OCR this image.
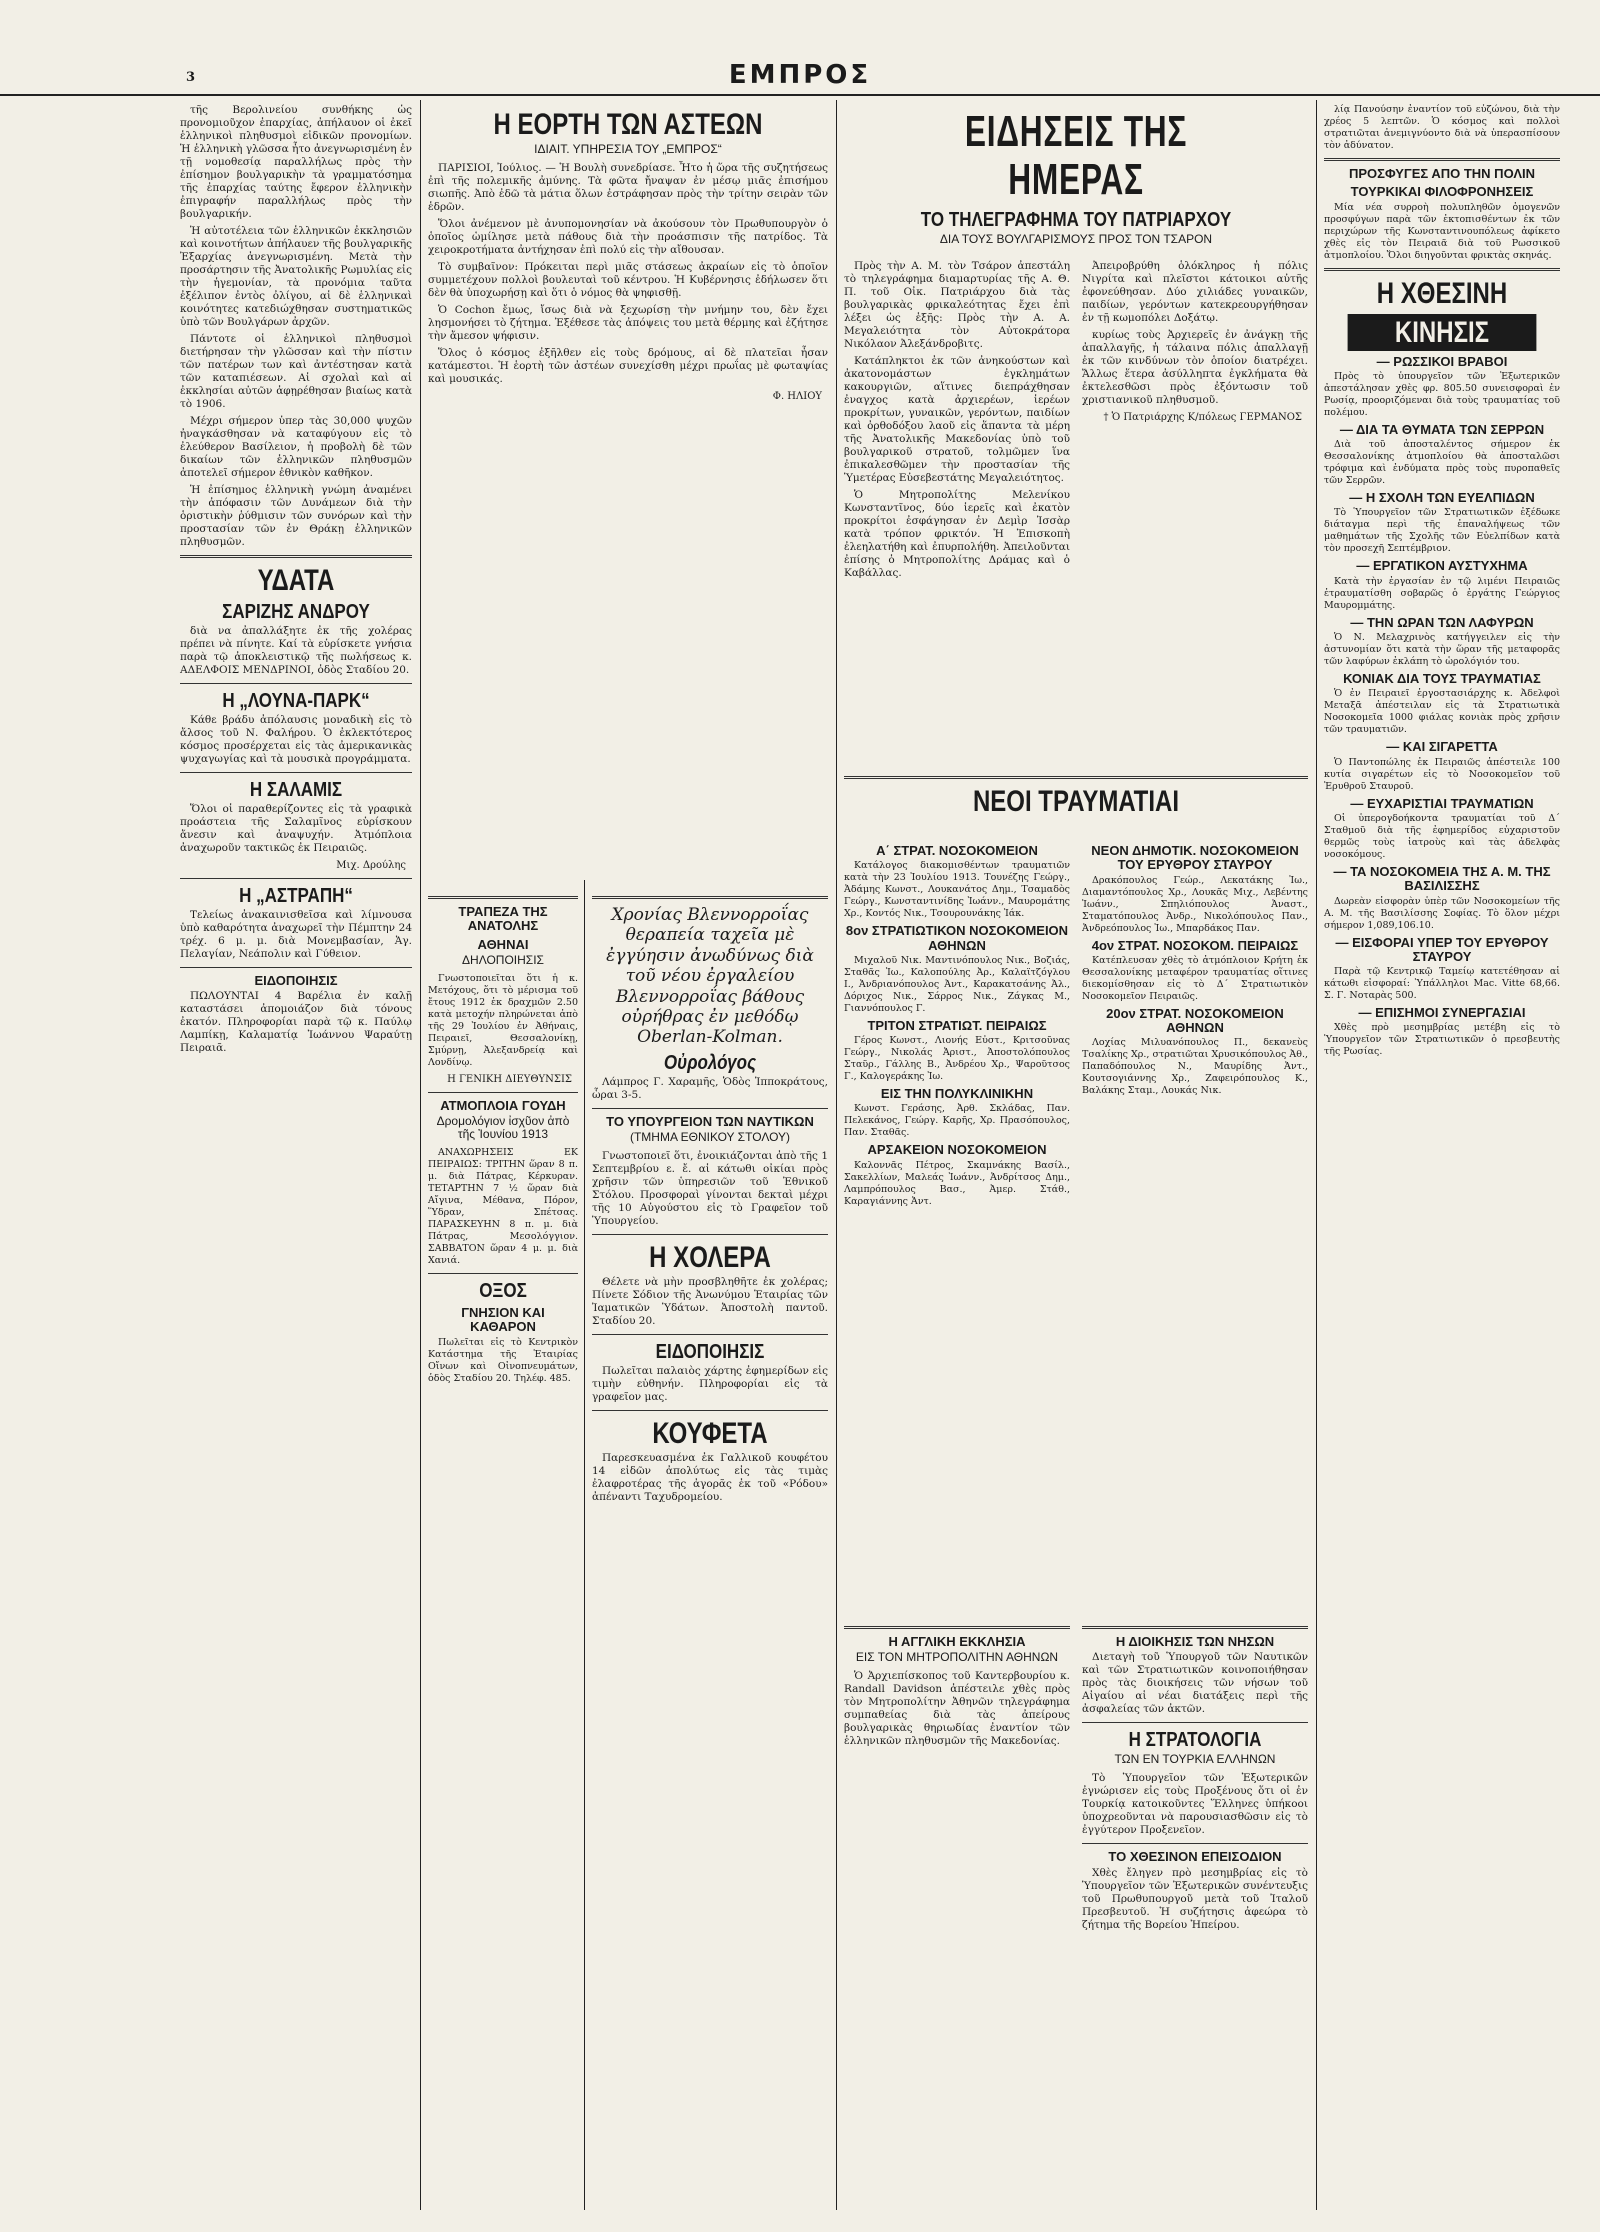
3	ΕΜΠΡΟΣ

τῆς Βερολινείου συνθήκης ὡς προνομιοῦχον ἐπαρχίας, ἀπήλαυον οἱ ἐκεῖ ἑλληνικοὶ πληθυσμοὶ εἰδικῶν προνομίων. Ἡ ἑλληνικὴ γλῶσσα ἦτο ἀνεγνωρισμένη ἐν τῇ νομοθεσίᾳ παραλλήλως πρὸς τὴν ἐπίσημον βουλγαρικὴν τὰ γραμματόσημα τῆς ἐπαρχίας ταύτης ἔφερον ἑλληνικὴν ἐπιγραφήν παραλλήλως πρὸς τὴν βουλγαρικήν.

Ἡ αὐτοτέλεια τῶν ἑλληνικῶν ἐκκλησιῶν καὶ κοινοτήτων ἀπήλαυεν τῆς βουλγαρικῆς Ἐξαρχίας ἀνεγνωρισμένη. Μετὰ τὴν προσάρτησιν τῆς Ἀνατολικῆς Ρωμυλίας εἰς τὴν ἡγεμονίαν, τὰ προνόμια ταῦτα ἐξέλιπον ἐντὸς ὀλίγου, αἱ δὲ ἑλληνικαὶ κοινότητες κατεδιώχθησαν συστηματικῶς ὑπὸ τῶν Βουλγάρων ἀρχῶν.

Πάντοτε οἱ ἑλληνικοὶ πληθυσμοὶ διετήρησαν τὴν γλῶσσαν καὶ τὴν πίστιν τῶν πατέρων των καὶ ἀντέστησαν κατὰ τῶν καταπιέσεων. Αἱ σχολαὶ καὶ αἱ ἐκκλησίαι αὐτῶν ἀφῃρέθησαν βιαίως κατὰ τὸ 1906.

Μέχρι σήμερον ὑπερ τὰς 30,000 ψυχῶν ἠναγκάσθησαν νὰ καταφύγουν εἰς τὸ ἐλεύθερον Βασίλειον, ἡ προβολὴ δὲ τῶν δικαίων τῶν ἑλληνικῶν πληθυσμῶν ἀποτελεῖ σήμερον ἐθνικὸν καθῆκον.

Ἡ ἐπίσημος ἑλληνικὴ γνώμη ἀναμένει τὴν ἀπόφασιν τῶν Δυνάμεων διὰ τὴν ὁριστικὴν ῥύθμισιν τῶν συνόρων καὶ τὴν προστασίαν τῶν ἐν Θράκῃ ἑλληνικῶν πληθυσμῶν.

ΥΔΑΤΑ
ΣΑΡΙΖΗΣ ΑΝΔΡΟΥ

διὰ να ἀπαλλάξητε ἐκ τῆς χολέρας πρέπει νὰ πίνητε. Καί τὰ εὑρίσκετε γνήσια παρὰ τῷ ἀποκλειστικῷ τῆς πωλήσεως κ. ΑΔΕΛΦΟΙΣ ΜΕΝΔΡΙΝΟΙ, ὁδὸς Σταδίου 20.

Η „ΛΟΥΝΑ-ΠΑΡΚ“

Κάθε βράδυ ἀπόλαυσις μοναδικὴ εἰς τὸ ἄλσος τοῦ Ν. Φαλήρου. Ὁ ἐκλεκτότερος κόσμος προσέρχεται εἰς τὰς ἀμερικανικὰς ψυχαγωγίας καὶ τὰ μουσικὰ προγράμματα.

Η ΣΑΛΑΜΙΣ

Ὅλοι οἱ παραθερίζοντες εἰς τὰ γραφικὰ προάστεια τῆς Σαλαμῖνος εὑρίσκουν ἄνεσιν καὶ ἀναψυχήν. Ἀτμόπλοια ἀναχωροῦν τακτικῶς ἐκ Πειραιῶς.

Μιχ. Δρούλης
Η „ΑΣΤΡΑΠΗ“

Τελείως ἀνακαινισθεῖσα καὶ λίμνουσα ὑπὸ καθαρότητα ἀναχωρεῖ τὴν Πέμπτην 24 τρέχ. 6 μ. μ. διὰ Μονεμβασίαν, Ἁγ. Πελαγίαν, Νεάπολιν καὶ Γύθειον.

ΕΙΔΟΠΟΙΗΣΙΣ

ΠΩΛΟΥΝΤΑΙ 4 Βαρέλια ἐν καλῇ καταστάσει ἀπομοιάζον διὰ τόνους ἐκατόν. Πληροφορίαι παρὰ τῷ κ. Παύλῳ Λαμπίκῃ, Καλαματίᾳ Ἰωάννου Ψαραύτῃ Πειραιᾶ.

Η ΕΟΡΤΗ ΤΩΝ ΑΣΤΕΩΝ
ΙΔΙΑΙΤ. ΥΠΗΡΕΣΙΑ ΤΟΥ „ΕΜΠΡΟΣ“

ΠΑΡΙΣΙΟΙ, Ἰούλιος. — Ἡ Βουλὴ συνεδρίασε. Ἦτο ἡ ὥρα τῆς συζητήσεως ἐπὶ τῆς πολεμικῆς ἀμύνης. Τὰ φῶτα ἤναψαν ἐν μέσῳ μιᾶς ἐπισήμου σιωπῆς. Ἀπὸ ἐδῶ τὰ μάτια ὅλων ἐστράφησαν πρὸς τὴν τρίτην σειρὰν τῶν ἑδρῶν.

Ὅλοι ἀνέμενον μὲ ἀνυπομονησίαν νὰ ἀκούσουν τὸν Πρωθυπουργὸν ὁ ὁποῖος ὡμίλησε μετὰ πάθους διὰ τὴν προάσπισιν τῆς πατρίδος. Τὰ χειροκροτήματα ἀντήχησαν ἐπὶ πολύ εἰς τὴν αἴθουσαν.

Τὸ συμβαῖνον: Πρόκειται περὶ μιᾶς στάσεως ἀκραίων εἰς τὸ ὁποῖον συμμετέχουν πολλοὶ βουλευταὶ τοῦ κέντρου. Ἡ Κυβέρνησις ἐδήλωσεν ὅτι δὲν θὰ ὑποχωρήσῃ καὶ ὅτι ὁ νόμος θὰ ψηφισθῇ.

Ὁ Cochon ἔμως, ἴσως διὰ νὰ ξεχωρίσῃ τὴν μνήμην του, δὲν ἔχει λησμονήσει τὸ ζήτημα. Ἐξέθεσε τὰς ἀπόψεις του μετὰ θέρμης καὶ ἐζήτησε τὴν ἄμεσον ψήφισιν.

Ὅλος ὁ κόσμος ἐξῆλθεν εἰς τοὺς δρόμους, αἱ δὲ πλατεῖαι ἦσαν κατάμεστοι. Ἡ ἑορτὴ τῶν ἀστέων συνεχίσθη μέχρι πρωΐας μὲ φωταψίας καὶ μουσικάς.

Φ. ΗΛΙΟΥ
ΤΡΑΠΕΖΑ ΤΗΣ ΑΝΑΤΟΛΗΣ
ΑΘΗΝΑΙ
ΔΗΛΟΠΟΙΗΣΙΣ

Γνωστοποιεῖται ὅτι ἡ κ. Μετόχους, ὅτι τὸ μέρισμα τοῦ ἔτους 1912 ἐκ δραχμῶν 2.50 κατὰ μετοχήν πληρώνεται ἀπὸ τῆς 29 Ἰουλίου ἐν Ἀθήναις, Πειραιεῖ, Θεσσαλονίκῃ, Σμύρνῃ, Ἀλεξανδρείᾳ καὶ Λονδίνῳ.

Η ΓΕΝΙΚΗ ΔΙΕΥΘΥΝΣΙΣ
ΑΤΜΟΠΛΟΙΑ ΓΟΥΔΗ
Δρομολόγιον ἰσχῦον ἀπὸ τῆς Ἰουνίου 1913

ΑΝΑΧΩΡΗΣΕΙΣ ΕΚ ΠΕΙΡΑΙΩΣ: ΤΡΙΤΗΝ ὥραν 8 π. μ. διὰ Πάτρας, Κέρκυραν. ΤΕΤΑΡΤΗΝ 7 ½ ὥραν διὰ Αἴγινα, Μέθανα, Πόρον, Ὕδραν, Σπέτσας. ΠΑΡΑΣΚΕΥΗΝ 8 π. μ. διὰ Πάτρας, Μεσολόγγιον. ΣΑΒΒΑΤΟΝ ὥραν 4 μ. μ. διὰ Χανιά.

ΟΞΟΣ
ΓΝΗΣΙΟΝ ΚΑΙ ΚΑΘΑΡΟΝ

Πωλεῖται εἰς τὸ Κεντρικὸν Κατάστημα τῆς Ἑταιρίας Οἴνων καὶ Οἰνοπνευμάτων, ὁδὸς Σταδίου 20. Τηλέφ. 485.

Χρονίας Βλεννορροΐας θεραπεία ταχεῖα μὲ ἐγγύησιν ἀνωδύνως διὰ τοῦ νέου ἐργαλείου Βλεννορροΐας βάθους οὐρήθρας ἐν μεθόδῳ Oberlan-Kolman.
Οὐρολόγος

Λάμπρος Γ. Χαραμῆς, Ὁδὸς Ἱπποκράτους, ὧραι 3-5.

ΤΟ ΥΠΟΥΡΓΕΙΟΝ ΤΩΝ ΝΑΥΤΙΚΩΝ
(ΤΜΗΜΑ ΕΘΝΙΚΟΥ ΣΤΟΛΟΥ)

Γνωστοποιεῖ ὅτι, ἐνοικιάζονται ἀπὸ τῆς 1 Σεπτεμβρίου ε. ἔ. αἱ κάτωθι οἰκίαι πρὸς χρῆσιν τῶν ὑπηρεσιῶν τοῦ Ἐθνικοῦ Στόλου. Προσφοραὶ γίνονται δεκταὶ μέχρι τῆς 10 Αὐγούστου εἰς τὸ Γραφεῖον τοῦ Ὑπουργείου.

Η ΧΟΛΕΡΑ

Θέλετε νὰ μὴν προσβληθῆτε ἐκ χολέρας; Πίνετε Σόδιον τῆς Ἀνωνύμου Ἑταιρίας τῶν Ἰαματικῶν Ὑδάτων. Ἀποστολὴ παντοῦ. Σταδίου 20.

ΕΙΔΟΠΟΙΗΣΙΣ

Πωλεῖται παλαιὸς χάρτης ἐφημερίδων εἰς τιμὴν εὐθηνήν. Πληροφορίαι εἰς τὰ γραφεῖον μας.

ΚΟΥΦΕΤΑ

Παρεσκευασμένα ἐκ Γαλλικοῦ κουφέτου 14 εἰδῶν ἀπολύτως εἰς τὰς τιμὰς ἐλαφροτέρας τῆς ἀγορᾶς ἐκ τοῦ «Ρόδου» ἀπέναντι Ταχυδρομείου.

ΕΙΔΗΣΕΙΣ ΤΗΣ ΗΜΕΡΑΣ
ΤΟ ΤΗΛΕΓΡΑΦΗΜΑ ΤΟΥ ΠΑΤΡΙΑΡΧΟΥ
ΔΙΑ ΤΟΥΣ ΒΟΥΛΓΑΡΙΣΜΟΥΣ ΠΡΟΣ ΤΟΝ ΤΣΑΡΟΝ

Πρὸς τὴν Α. Μ. τὸν Τσάρον ἀπεστάλη τὸ τηλεγράφημα διαμαρτυρίας τῆς Α. Θ. Π. τοῦ Οἰκ. Πατριάρχου διὰ τὰς βουλγαρικὰς φρικαλεότητας ἔχει ἐπὶ λέξει ὡς ἑξῆς: Πρὸς τὴν Α. Α. Μεγαλειότητα τὸν Αὐτοκράτορα Νικόλαον Ἀλεξάνδροβιτς.

Κατάπληκτοι ἐκ τῶν ἀνηκούστων καὶ ἀκατονομάστων ἐγκλημάτων κακουργιῶν, αἵτινες διεπράχθησαν ἐναγχος κατὰ ἀρχιερέων, ἱερέων προκρίτων, γυναικῶν, γερόντων, παιδίων καὶ ὀρθοδόξου λαοῦ εἰς ἅπαντα τὰ μέρη τῆς Ἀνατολικῆς Μακεδονίας ὑπὸ τοῦ βουλγαρικοῦ στρατοῦ, τολμῶμεν ἵνα ἐπικαλεσθῶμεν τὴν προστασίαν τῆς Ὑμετέρας Εὐσεβεστάτης Μεγαλειότητος.

Ὁ Μητροπολίτης Μελενίκου Κωνσταντῖνος, δύο ἱερεῖς καὶ ἐκατὸν προκρίτοι ἐσφάγησαν ἐν Δεμὶρ Ἰσσὰρ κατὰ τρόπον φρικτόν. Ἡ Ἐπισκοπὴ ἐλεηλατήθη καὶ ἐπυρπολήθη. Ἀπειλοῦνται ἐπίσης ὁ Μητροπολίτης Δράμας καὶ ὁ Καβάλλας.

Ἀπειροβρύθη ὁλόκληρος ἡ πόλις Νιγρίτα καὶ πλεῖστοι κάτοικοι αὐτῆς ἐφονεύθησαν. Δύο χιλιάδες γυναικῶν, παιδίων, γερόντων κατεκρεουργήθησαν ἐν τῇ κωμοπόλει Δοξάτῳ.

κυρίως τοὺς Ἀρχιερεῖς ἐν ἀνάγκῃ τῆς ἀπαλλαγῆς, ἡ τάλαινα πόλις ἀπαλλαγῇ ἐκ τῶν κινδύνων τὸν ὁποίον διατρέχει. Ἄλλως ἕτερα ἀσύλληπτα ἐγκλήματα θὰ ἐκτελεσθῶσι πρὸς ἐξόντωσιν τοῦ χριστιανικοῦ πληθυσμοῦ.

† Ὁ Πατριάρχης Κ/πόλεως ΓΕΡΜΑΝΟΣ
ΝΕΟΙ ΤΡΑΥΜΑΤΙΑΙ
Α΄ ΣΤΡΑΤ. ΝΟΣΟΚΟΜΕΙΟΝ

Κατάλογος διακομισθέντων τραυματιῶν κατὰ τὴν 23 Ἰουλίου 1913. Τουνέζης Γεώργ., Ἀδάμης Κωνστ., Λουκανάτος Δημ., Τσαμαδὸς Γεώργ., Κωνσταντινίδης Ἰωάνν., Μαυρομάτης Χρ., Κοντός Νικ., Τσουρουνάκης Ἰάκ.

8ον ΣΤΡΑΤΙΩΤΙΚΟΝ ΝΟΣΟΚΟΜΕΙΟΝ ΑΘΗΝΩΝ

Μιχαλοῦ Νικ. Μαντινόπουλος Νικ., Βοζιάς, Σταθᾶς Ἰω., Καλοπούλης Ἀρ., Καλαϊτζόγλου Ι., Ἀνδριανόπουλος Ἀντ., Καρακατσάνης Ἀλ., Δόριχος Νικ., Σάρρος Νικ., Ζάγκας Μ., Γιαννόπουλος Γ.

ΤΡΙΤΟΝ ΣΤΡΑΤΙΩΤ. ΠΕΙΡΑΙΩΣ

Γέρος Κωνστ., Λιονής Εὐστ., Κριτσοῦνας Γεώργ., Νικολάς Ἀριστ., Ἀποστολόπουλος Σταῦρ., Γάλλης Β., Ἀνδρέου Χρ., Ψαροῦτσος Γ., Καλογεράκης Ἰω.

ΕΙΣ ΤΗΝ ΠΟΛΥΚΛΙΝΙΚΗΝ

Κωνστ. Γεράσης, Ἀρθ. Σκλάδας, Παν. Πελεκάνος, Γεώργ. Καρῆς, Χρ. Πρασόπουλος, Παν. Σταθᾶς.

ΑΡΣΑΚΕΙΟΝ ΝΟΣΟΚΟΜΕΙΟΝ

Καλοννᾶς Πέτρος, Σκαμνάκης Βασίλ., Σακελλίων, Μαλεάς Ἰωάνν., Ἀνδρίτσος Δημ., Λαμπρόπουλος Βασ., Ἀμερ. Στάθ., Καραγιάννης Ἀντ.

ΝΕΟΝ ΔΗΜΟΤΙΚ. ΝΟΣΟΚΟΜΕΙΟΝ ΤΟΥ ΕΡΥΘΡΟΥ ΣΤΑΥΡΟΥ

Δρακόπουλος Γεώρ., Λεκατάκης Ἰω., Διαμαντόπουλος Χρ., Λουκᾶς Μιχ., Λεβέντης Ἰωάνν., Σπηλιόπουλος Ἀναστ., Σταματόπουλος Ἀνδρ., Νικολόπουλος Παν., Ἀνδρεόπουλος Ἰω., Μπαρδάκος Παν.

4ον ΣΤΡΑΤ. ΝΟΣΟΚΟΜ. ΠΕΙΡΑΙΩΣ

Κατέπλευσαν χθὲς τὸ ἀτμόπλοιον Κρήτη ἐκ Θεσσαλονίκης μεταφέρον τραυματίας οἵτινες διεκομίσθησαν εἰς τὸ Δ΄ Στρατιωτικὸν Νοσοκομεῖον Πειραιῶς.

20ον ΣΤΡΑΤ. ΝΟΣΟΚΟΜΕΙΟΝ ΑΘΗΝΩΝ

Λοχίας Μιλυανόπουλος Π., δεκανεὺς Τσαλίκης Χρ., στρατιῶται Χρυσικόπουλος Ἀθ., Παπαδόπουλος Ν., Μαυρίδης Ἀντ., Κουτσογιάννης Χρ., Ζαφειρόπουλος Κ., Βαλάκης Σταμ., Λουκάς Νικ.

Η ΑΓΓΛΙΚΗ ΕΚΚΛΗΣΙΑ
ΕΙΣ ΤΟΝ ΜΗΤΡΟΠΟΛΙΤΗΝ ΑΘΗΝΩΝ

Ὁ Ἀρχιεπίσκοπος τοῦ Καντερβουρίου κ. Randall Davidson ἀπέστειλε χθὲς πρὸς τὸν Μητροπολίτην Ἀθηνῶν τηλεγράφημα συμπαθείας διὰ τὰς ἀπείρους βουλγαρικὰς θηριωδίας ἐναντίον τῶν ἑλληνικῶν πληθυσμῶν τῆς Μακεδονίας.

Η ΔΙΟΙΚΗΣΙΣ ΤΩΝ ΝΗΣΩΝ

Διεταγὴ τοῦ Ὑπουργοῦ τῶν Ναυτικῶν καὶ τῶν Στρατιωτικῶν κοινοποιήθησαν πρὸς τὰς διοικήσεις τῶν νήσων τοῦ Αἰγαίου αἱ νέαι διατάξεις περὶ τῆς ἀσφαλείας τῶν ἀκτῶν.

Η ΣΤΡΑΤΟΛΟΓΙΑ
ΤΩΝ ΕΝ ΤΟΥΡΚΙΑ ΕΛΛΗΝΩΝ

Τὸ Ὑπουργεῖον τῶν Ἐξωτερικῶν ἐγνώρισεν εἰς τοὺς Προξένους ὅτι οἱ ἐν Τουρκίᾳ κατοικοῦντες Ἕλληνες ὑπήκοοι ὑποχρεοῦνται νὰ παρουσιασθῶσιν εἰς τὸ ἐγγύτερον Προξενεῖον.

ΤΟ ΧΘΕΣΙΝΟΝ ΕΠΕΙΣΟΔΙΟΝ

Χθὲς ἔληγεν πρὸ μεσημβρίας εἰς τὸ Ὑπουργεῖον τῶν Ἐξωτερικῶν συνέντευξις τοῦ Πρωθυπουργοῦ μετὰ τοῦ Ἰταλοῦ Πρεσβευτοῦ. Ἡ συζήτησις ἀφεώρα τὸ ζήτημα τῆς Βορείου Ἠπείρου.

λίᾳ Πανούσην ἐναντίον τοῦ εὐζώνου, διὰ τὴν χρέος 5 λεπτῶν. Ὁ κόσμος καὶ πολλοὶ στρατιῶται ἀνεμιγνύοντο διὰ νὰ ὑπερασπίσουν τὸν ἀδύνατον.

ΠΡΟΣΦΥΓΕΣ ΑΠΟ ΤΗΝ ΠΟΛΙΝ
ΤΟΥΡΚΙΚΑΙ ΦΙΛΟΦΡΟΝΗΣΕΙΣ

Μία νέα συρροὴ πολυπληθῶν ὁμογενῶν προσφύγων παρὰ τῶν ἐκτοπισθέντων ἐκ τῶν περιχώρων τῆς Κωνσταντινουπόλεως ἀφίκετο χθὲς εἰς τὸν Πειραιᾶ διὰ τοῦ Ρωσσικοῦ ἀτμοπλοίου. Ὅλοι διηγοῦνται φρικτὰς σκηνάς.

Η ΧΘΕΣΙΝΗ
ΚΙΝΗΣΙΣ
— ΡΩΣΣΙΚΟΙ ΒΡΑΒΟΙ

Πρὸς τὸ ὑπουργεῖον τῶν Ἐξωτερικῶν ἀπεστάλησαν χθὲς φρ. 805.50 συνεισφοραὶ ἐν Ρωσίᾳ, προοριζόμεναι διὰ τοὺς τραυματίας τοῦ πολέμου.

— ΔΙΑ ΤΑ ΘΥΜΑΤΑ ΤΩΝ ΣΕΡΡΩΝ

Διὰ τοῦ ἀποσταλέντος σήμερον ἐκ Θεσσαλονίκης ἀτμοπλοίου θὰ ἀποσταλῶσι τρόφιμα καὶ ἐνδύματα πρὸς τοὺς πυροπαθεῖς τῶν Σερρῶν.

— Η ΣΧΟΛΗ ΤΩΝ ΕΥΕΛΠΙΔΩΝ

Τὸ Ὑπουργεῖον τῶν Στρατιωτικῶν ἐξέδωκε διάταγμα περὶ τῆς ἐπαναλήψεως τῶν μαθημάτων τῆς Σχολῆς τῶν Εὐελπίδων κατὰ τὸν προσεχῆ Σεπτέμβριον.

— ΕΡΓΑΤΙΚΟΝ ΑΥΣΤΥΧΗΜΑ

Κατὰ τὴν ἐργασίαν ἐν τῷ λιμένι Πειραιῶς ἐτραυματίσθη σοβαρῶς ὁ ἐργάτης Γεώργιος Μαυρομμάτης.

— ΤΗΝ ΩΡΑΝ ΤΩΝ ΛΑΦΥΡΩΝ

Ὁ Ν. Μελαχρινὸς κατήγγειλεν εἰς τὴν ἀστυνομίαν ὅτι κατὰ τὴν ὥραν τῆς μεταφορᾶς τῶν λαφύρων ἐκλάπη τὸ ὡρολόγιόν του.

ΚΟΝΙΑΚ ΔΙΑ ΤΟΥΣ ΤΡΑΥΜΑΤΙΑΣ

Ὁ ἐν Πειραιεῖ ἐργοστασιάρχης κ. Ἀδελφοὶ Μεταξᾶ ἀπέστειλαν εἰς τὰ Στρατιωτικὰ Νοσοκομεῖα 1000 φιάλας κονιὰκ πρὸς χρῆσιν τῶν τραυματιῶν.

— ΚΑΙ ΣΙΓΑΡΕΤΤΑ

Ὁ Παντοπώλης ἐκ Πειραιῶς ἀπέστειλε 100 κυτία σιγαρέτων εἰς τὸ Νοσοκομεῖον τοῦ Ἐρυθροῦ Σταυροῦ.

— ΕΥΧΑΡΙΣΤΙΑΙ ΤΡΑΥΜΑΤΙΩΝ

Οἱ ὑπερογδοήκοντα τραυματίαι τοῦ Δ΄ Σταθμοῦ διὰ τῆς ἐφημερίδος εὐχαριστοῦν θερμῶς τοὺς ἰατροὺς καὶ τὰς ἀδελφὰς νοσοκόμους.

— ΤΑ ΝΟΣΟΚΟΜΕΙΑ ΤΗΣ Α. Μ. ΤΗΣ ΒΑΣΙΛΙΣΣΗΣ

Δωρεὰν εἰσφορὰν ὑπὲρ τῶν Νοσοκομείων τῆς Α. Μ. τῆς Βασιλίσσης Σοφίας. Τὸ ὅλον μέχρι σήμερον 1,089,106.10.

— ΕΙΣΦΟΡΑΙ ΥΠΕΡ ΤΟΥ ΕΡΥΘΡΟΥ ΣΤΑΥΡΟΥ

Παρὰ τῷ Κεντρικῷ Ταμείῳ κατετέθησαν αἱ κάτωθι εἰσφοραί: Ὑπάλληλοι Mac. Vitte 68,66. Σ. Γ. Νοταρὰς 500.

— ΕΠΙΣΗΜΟΙ ΣΥΝΕΡΓΑΣΙΑΙ

Χθὲς πρὸ μεσημβρίας μετέβη εἰς τὸ Ὑπουργεῖον τῶν Στρατιωτικῶν ὁ πρεσβευτὴς τῆς Ρωσίας.
